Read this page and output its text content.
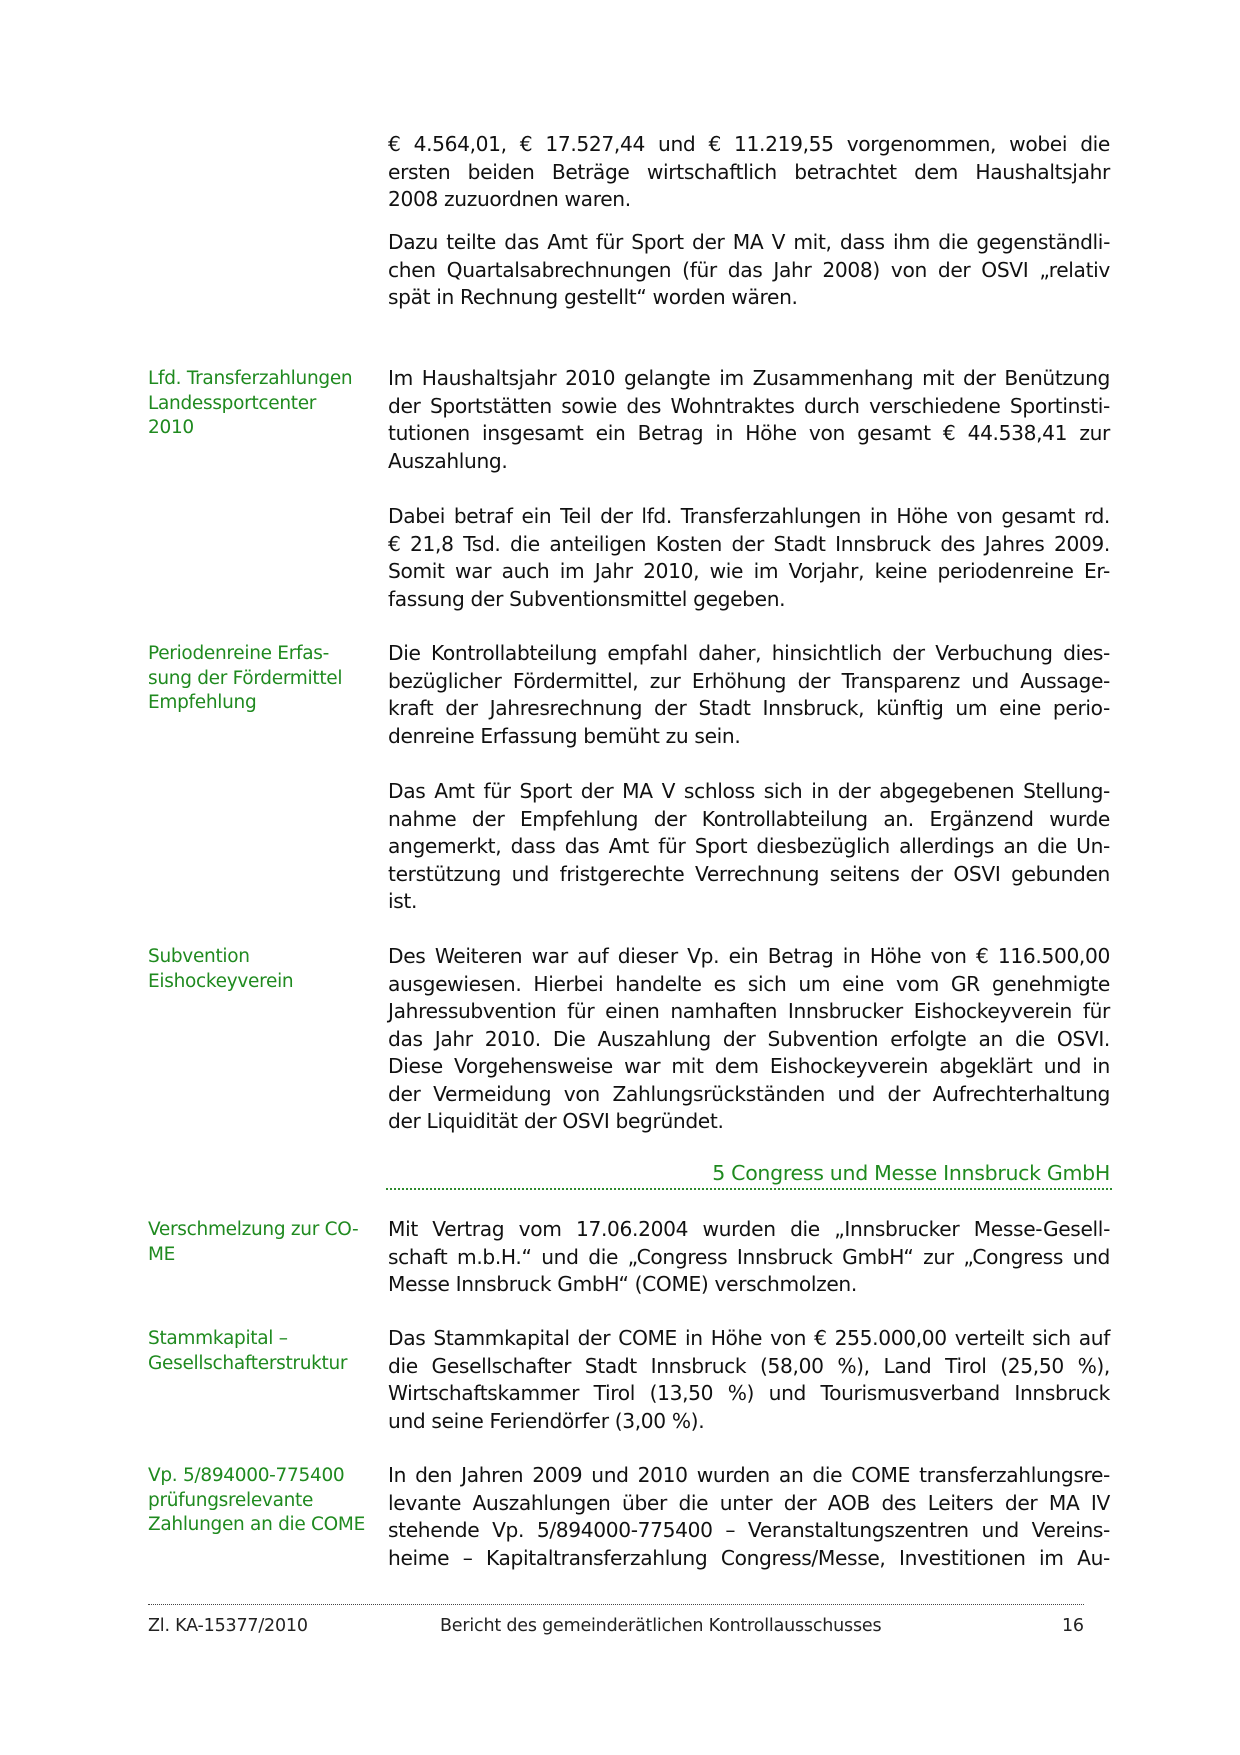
€ 4.564,01, € 17.527,44 und € 11.219,55 vorgenommen, wobei die
ersten beiden Beträge wirtschaftlich betrachtet dem Haushaltsjahr
2008 zuzuordnen waren.
Dazu teilte das Amt für Sport der MA V mit, dass ihm die gegenständli-
chen Quartalsabrechnungen (für das Jahr 2008) von der OSVI „relativ
spät in Rechnung gestellt“ worden wären.
Lfd. Transferzahlungen
Landessportcenter
2010
Im Haushaltsjahr 2010 gelangte im Zusammenhang mit der Benützung
der Sportstätten sowie des Wohntraktes durch verschiedene Sportinsti-
tutionen insgesamt ein Betrag in Höhe von gesamt € 44.538,41 zur
Auszahlung.
Dabei betraf ein Teil der lfd. Transferzahlungen in Höhe von gesamt rd.
€ 21,8 Tsd. die anteiligen Kosten der Stadt Innsbruck des Jahres 2009.
Somit war auch im Jahr 2010, wie im Vorjahr, keine periodenreine Er-
fassung der Subventionsmittel gegeben.
Periodenreine Erfas-
sung der Fördermittel
Empfehlung
Die Kontrollabteilung empfahl daher, hinsichtlich der Verbuchung dies-
bezüglicher Fördermittel, zur Erhöhung der Transparenz und Aussage-
kraft der Jahresrechnung der Stadt Innsbruck, künftig um eine perio-
denreine Erfassung bemüht zu sein.
Das Amt für Sport der MA V schloss sich in der abgegebenen Stellung-
nahme der Empfehlung der Kontrollabteilung an. Ergänzend wurde
angemerkt, dass das Amt für Sport diesbezüglich allerdings an die Un-
terstützung und fristgerechte Verrechnung seitens der OSVI gebunden
ist.
Subvention
Eishockeyverein
Des Weiteren war auf dieser Vp. ein Betrag in Höhe von € 116.500,00
ausgewiesen. Hierbei handelte es sich um eine vom GR genehmigte
Jahressubvention für einen namhaften Innsbrucker Eishockeyverein für
das Jahr 2010. Die Auszahlung der Subvention erfolgte an die OSVI.
Diese Vorgehensweise war mit dem Eishockeyverein abgeklärt und in
der Vermeidung von Zahlungsrückständen und der Aufrechterhaltung
der Liquidität der OSVI begründet.
5 Congress und Messe Innsbruck GmbH
Verschmelzung zur CO-
ME
Mit Vertrag vom 17.06.2004 wurden die „Innsbrucker Messe-Gesell-
schaft m.b.H.“ und die „Congress Innsbruck GmbH“ zur „Congress und
Messe Innsbruck GmbH“ (COME) verschmolzen.
Stammkapital –
Gesellschafterstruktur
Das Stammkapital der COME in Höhe von € 255.000,00 verteilt sich auf
die Gesellschafter Stadt Innsbruck (58,00 %), Land Tirol (25,50 %),
Wirtschaftskammer Tirol (13,50 %) und Tourismusverband Innsbruck
und seine Feriendörfer (3,00 %).
Vp. 5/894000-775400
prüfungsrelevante
Zahlungen an die COME
In den Jahren 2009 und 2010 wurden an die COME transferzahlungsre-
levante Auszahlungen über die unter der AOB des Leiters der MA IV
stehende Vp. 5/894000-775400 – Veranstaltungszentren und Vereins-
heime – Kapitaltransferzahlung Congress/Messe, Investitionen im Au-
Zl. KA-15377/2010	Bericht des gemeinderätlichen Kontrollausschusses	16
